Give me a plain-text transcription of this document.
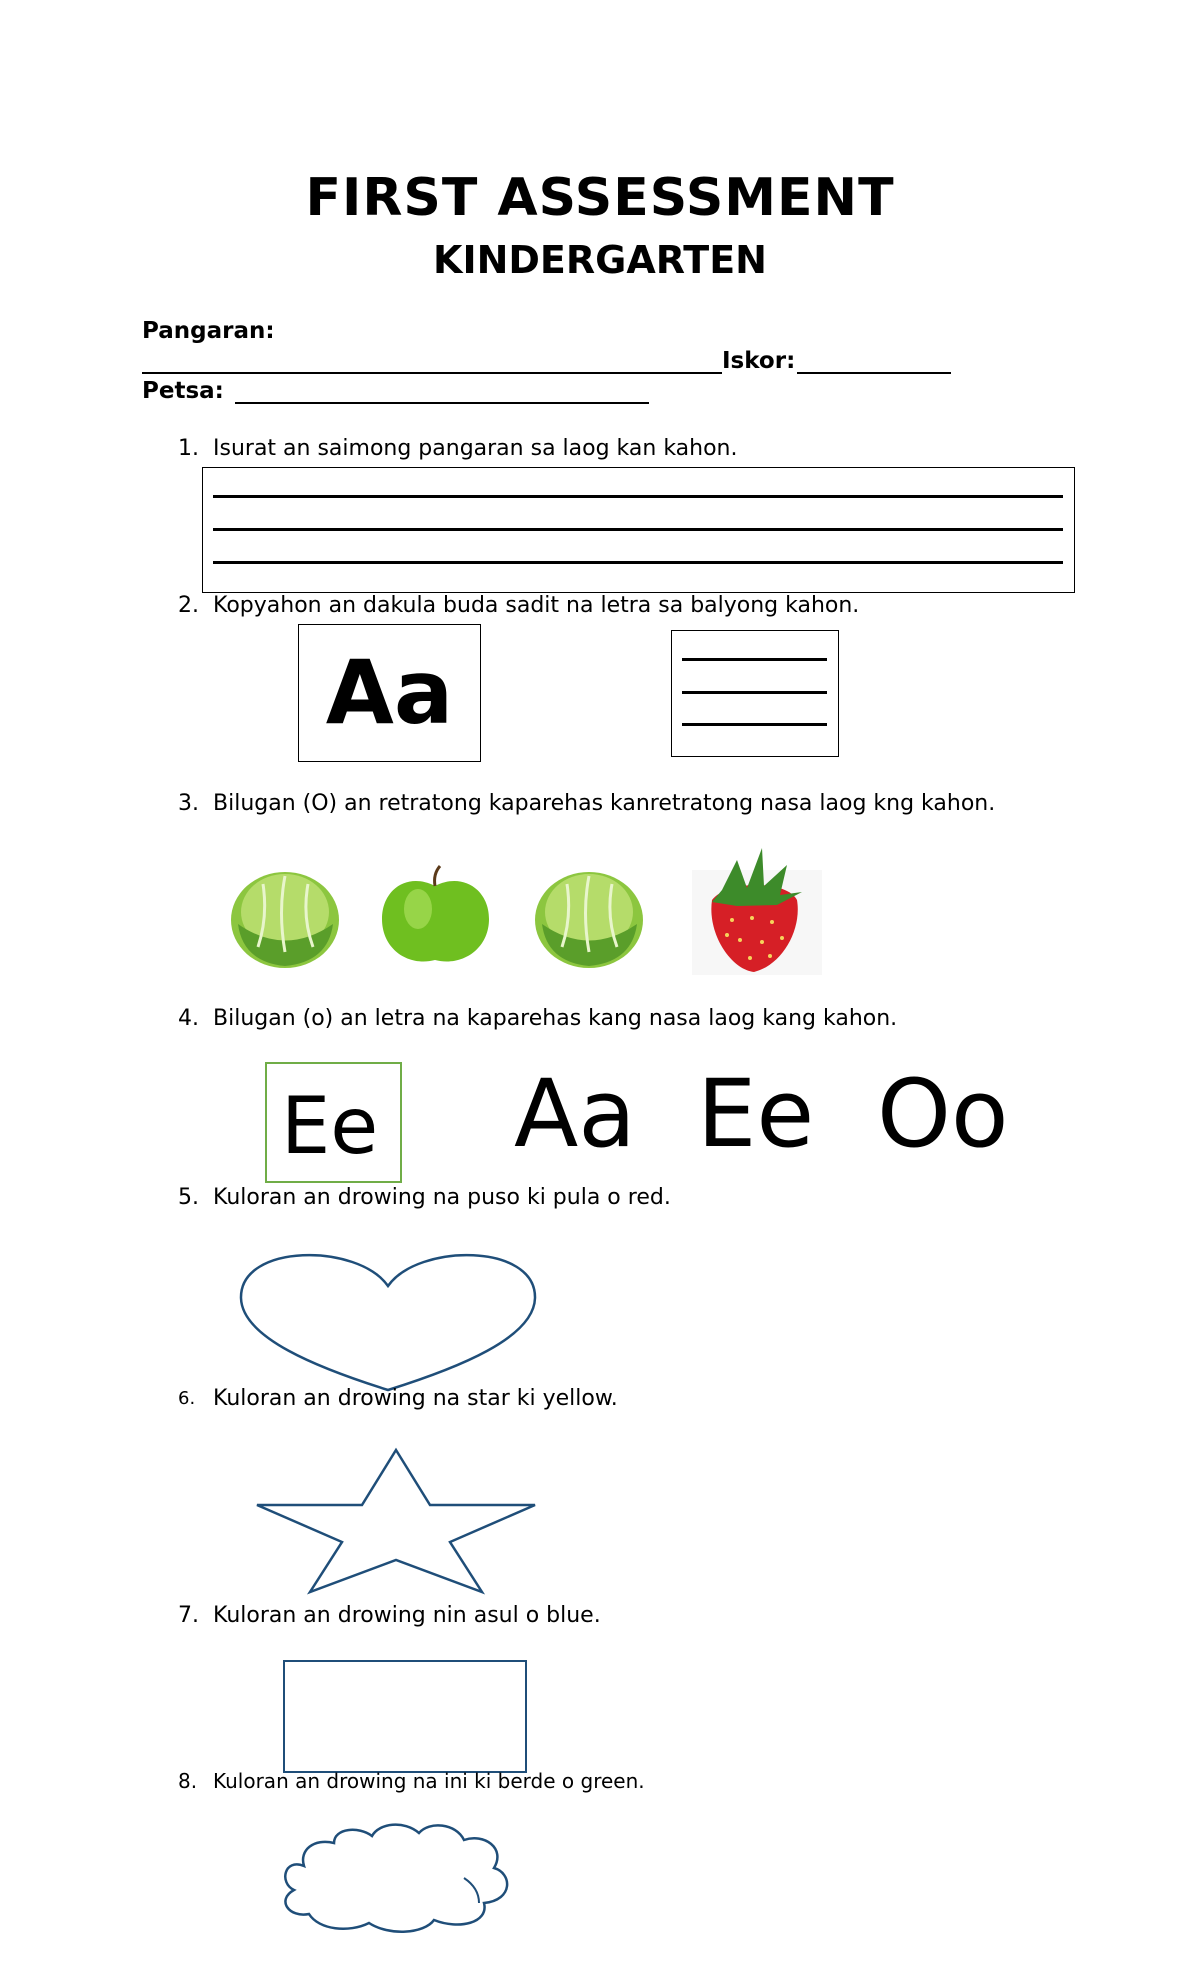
FIRST ASSESSMENT
KINDERGARTEN
Pangaran:
Iskor:
Petsa:
1. Isurat an saimong pangaran sa laog kan kahon.
2. Kopyahon an dakula buda sadit na letra sa balyong kahon.
Aa
3. Bilugan (O) an retratong kaparehas kanretratong nasa laog kng kahon.
4. Bilugan (o) an letra na kaparehas kang nasa laog kang kahon.
Ee Aa Ee Oo
5. Kuloran an drowing na puso ki pula o red.
6. Kuloran an drowing na star ki yellow.
7. Kuloran an drowing nin asul o blue.
8. Kuloran an drowing na ini ki berde o green.
